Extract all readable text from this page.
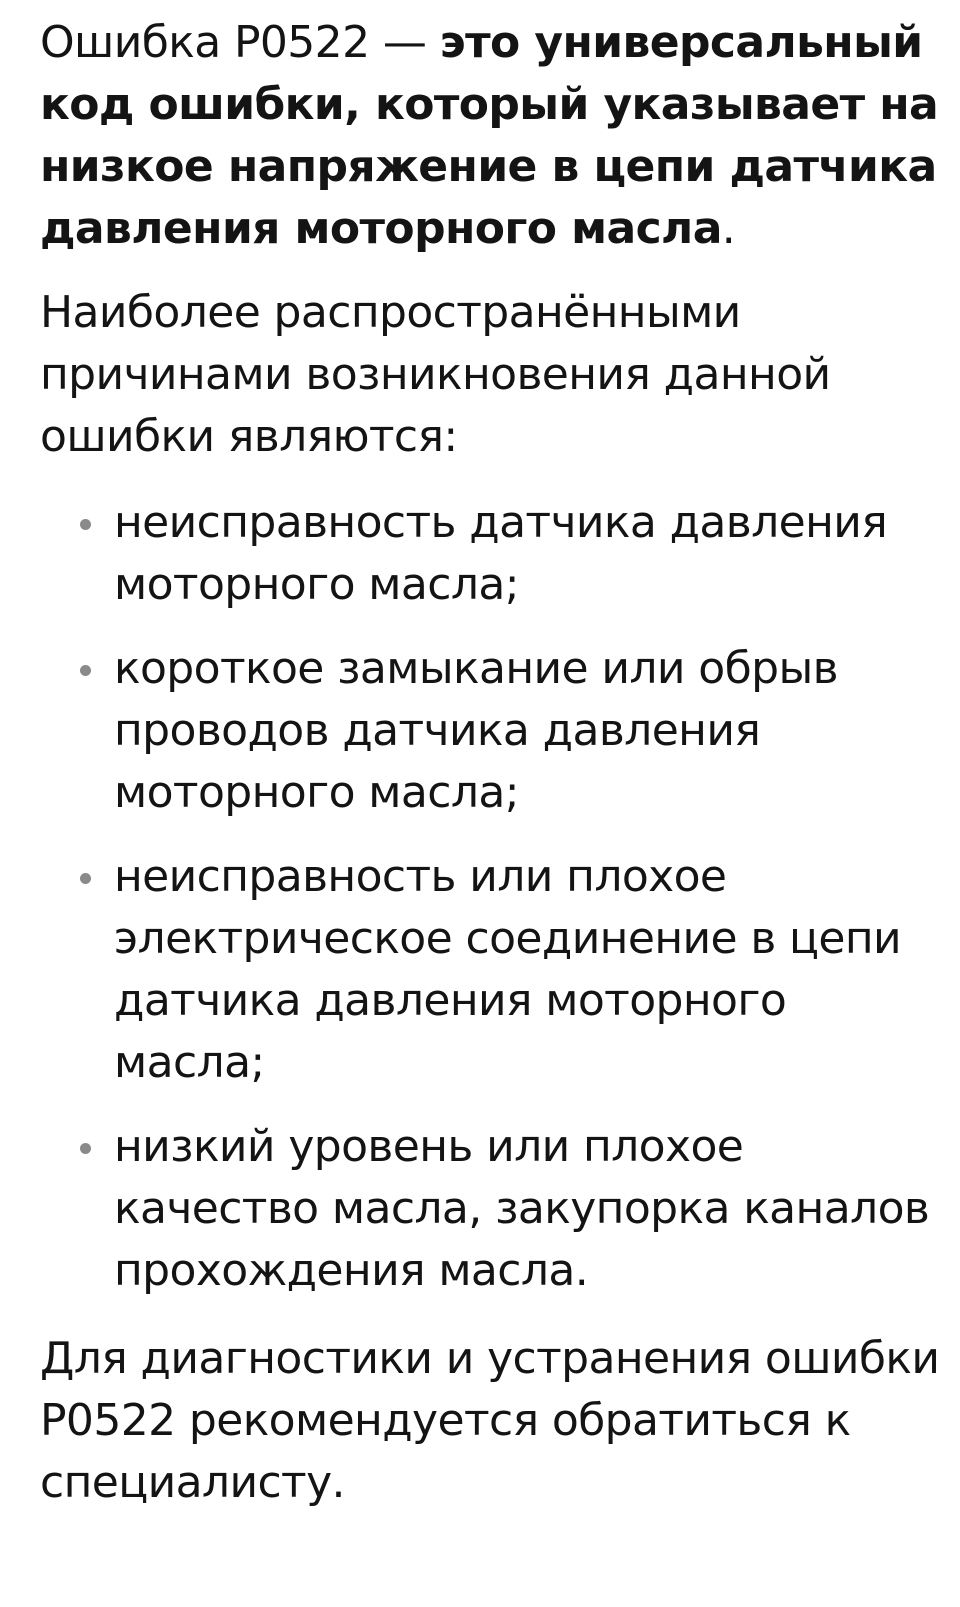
Ошибка P0522 — это универсальный код ошибки, который указывает на низкое напряжение в цепи датчика давления моторного масла.

Наиболее распространёнными причинами возникновения данной ошибки являются:

неисправность датчика давления моторного масла;
короткое замыкание или обрыв проводов датчика давления моторного масла;
неисправность или плохое электрическое соединение в цепи датчика давления моторного масла;
низкий уровень или плохое качество масла, закупорка каналов прохождения масла.

Для диагностики и устранения ошибки P0522 рекомендуется обратиться к специалисту.
